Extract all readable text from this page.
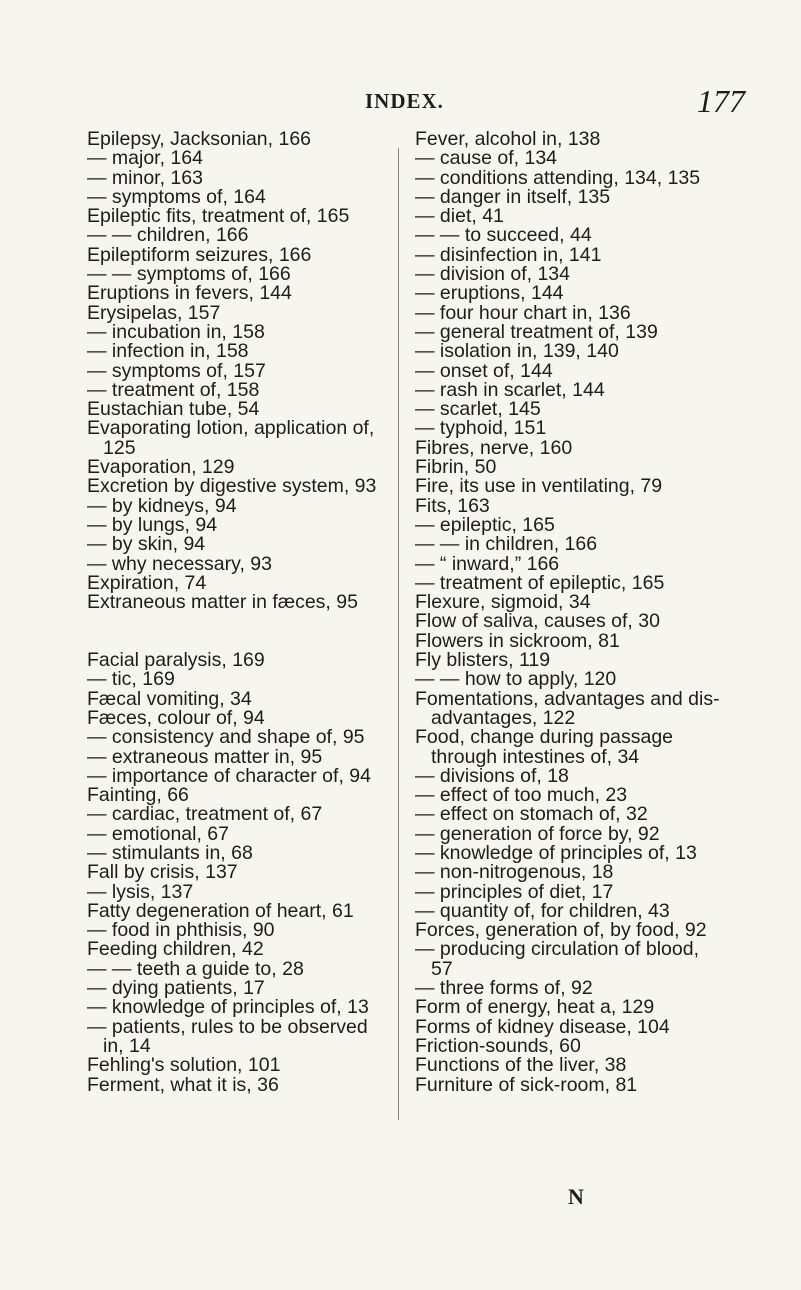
INDEX.	177
Epilepsy, Jacksonian, 166
— major, 164
— minor, 163
— symptoms of, 164
Epileptic fits, treatment of, 165
— — children, 166
Epileptiform seizures, 166
— — symptoms of, 166
Eruptions in fevers, 144
Erysipelas, 157
— incubation in, 158
— infection in, 158
— symptoms of, 157
— treatment of, 158
Eustachian tube, 54
Evaporating lotion, application of,
125
Evaporation, 129
Excretion by digestive system, 93
— by kidneys, 94
— by lungs, 94
— by skin, 94
— why necessary, 93
Expiration, 74
Extraneous matter in fæces, 95
Facial paralysis, 169
— tic, 169
Fæcal vomiting, 34
Fæces, colour of, 94
— consistency and shape of, 95
— extraneous matter in, 95
— importance of character of, 94
Fainting, 66
— cardiac, treatment of, 67
— emotional, 67
— stimulants in, 68
Fall by crisis, 137
— lysis, 137
Fatty degeneration of heart, 61
— food in phthisis, 90
Feeding children, 42
— — teeth a guide to, 28
— dying patients, 17
— knowledge of principles of, 13
— patients, rules to be observed
in, 14
Fehling's solution, 101
Ferment, what it is, 36
Fever, alcohol in, 138
— cause of, 134
— conditions attending, 134, 135
— danger in itself, 135
— diet, 41
— — to succeed, 44
— disinfection in, 141
— division of, 134
— eruptions, 144
— four hour chart in, 136
— general treatment of, 139
— isolation in, 139, 140
— onset of, 144
— rash in scarlet, 144
— scarlet, 145
— typhoid, 151
Fibres, nerve, 160
Fibrin, 50
Fire, its use in ventilating, 79
Fits, 163
— epileptic, 165
— — in children, 166
— “ inward,” 166
— treatment of epileptic, 165
Flexure, sigmoid, 34
Flow of saliva, causes of, 30
Flowers in sickroom, 81
Fly blisters, 119
— — how to apply, 120
Fomentations, advantages and dis-
advantages, 122
Food, change during passage
through intestines of, 34
— divisions of, 18
— effect of too much, 23
— effect on stomach of, 32
— generation of force by, 92
— knowledge of principles of, 13
— non-nitrogenous, 18
— principles of diet, 17
— quantity of, for children, 43
Forces, generation of, by food, 92
— producing circulation of blood,
57
— three forms of, 92
Form of energy, heat a, 129
Forms of kidney disease, 104
Friction-sounds, 60
Functions of the liver, 38
Furniture of sick-room, 81
N
